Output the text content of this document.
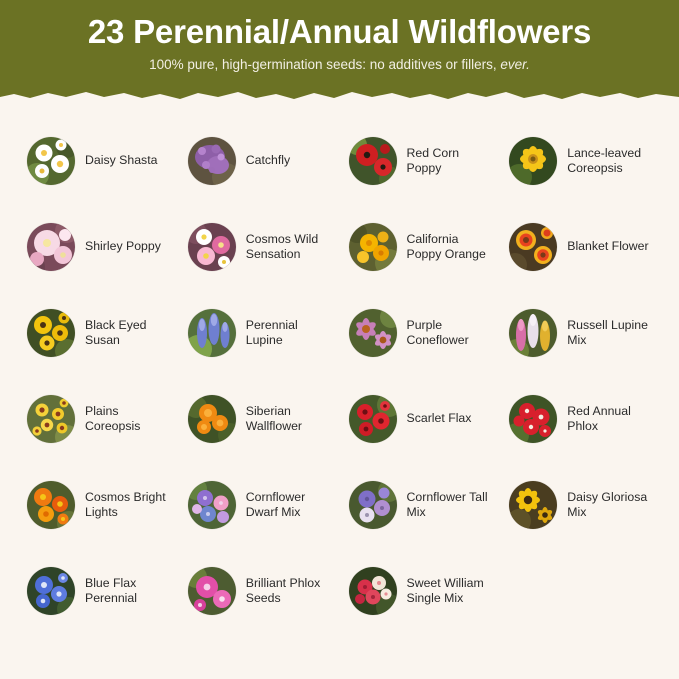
23 Perennial/Annual Wildflowers
100% pure, high-germination seeds: no additives or fillers, ever.
Daisy Shasta	Catchfly
Red Corn Poppy
Lance-leaved Coreopsis
Shirley Poppy
Cosmos Wild Sensation
California Poppy Orange
Blanket Flower
Black Eyed Susan
Perennial Lupine
Purple Coneflower
Russell Lupine Mix
Plains Coreopsis
Siberian Wallflower
Scarlet Flax
Red Annual Phlox
Cosmos Bright Lights
Cornflower Dwarf Mix
Cornflower Tall Mix
Daisy Gloriosa Mix
Blue Flax Perennial
Brilliant Phlox Seeds
Sweet William Single Mix
